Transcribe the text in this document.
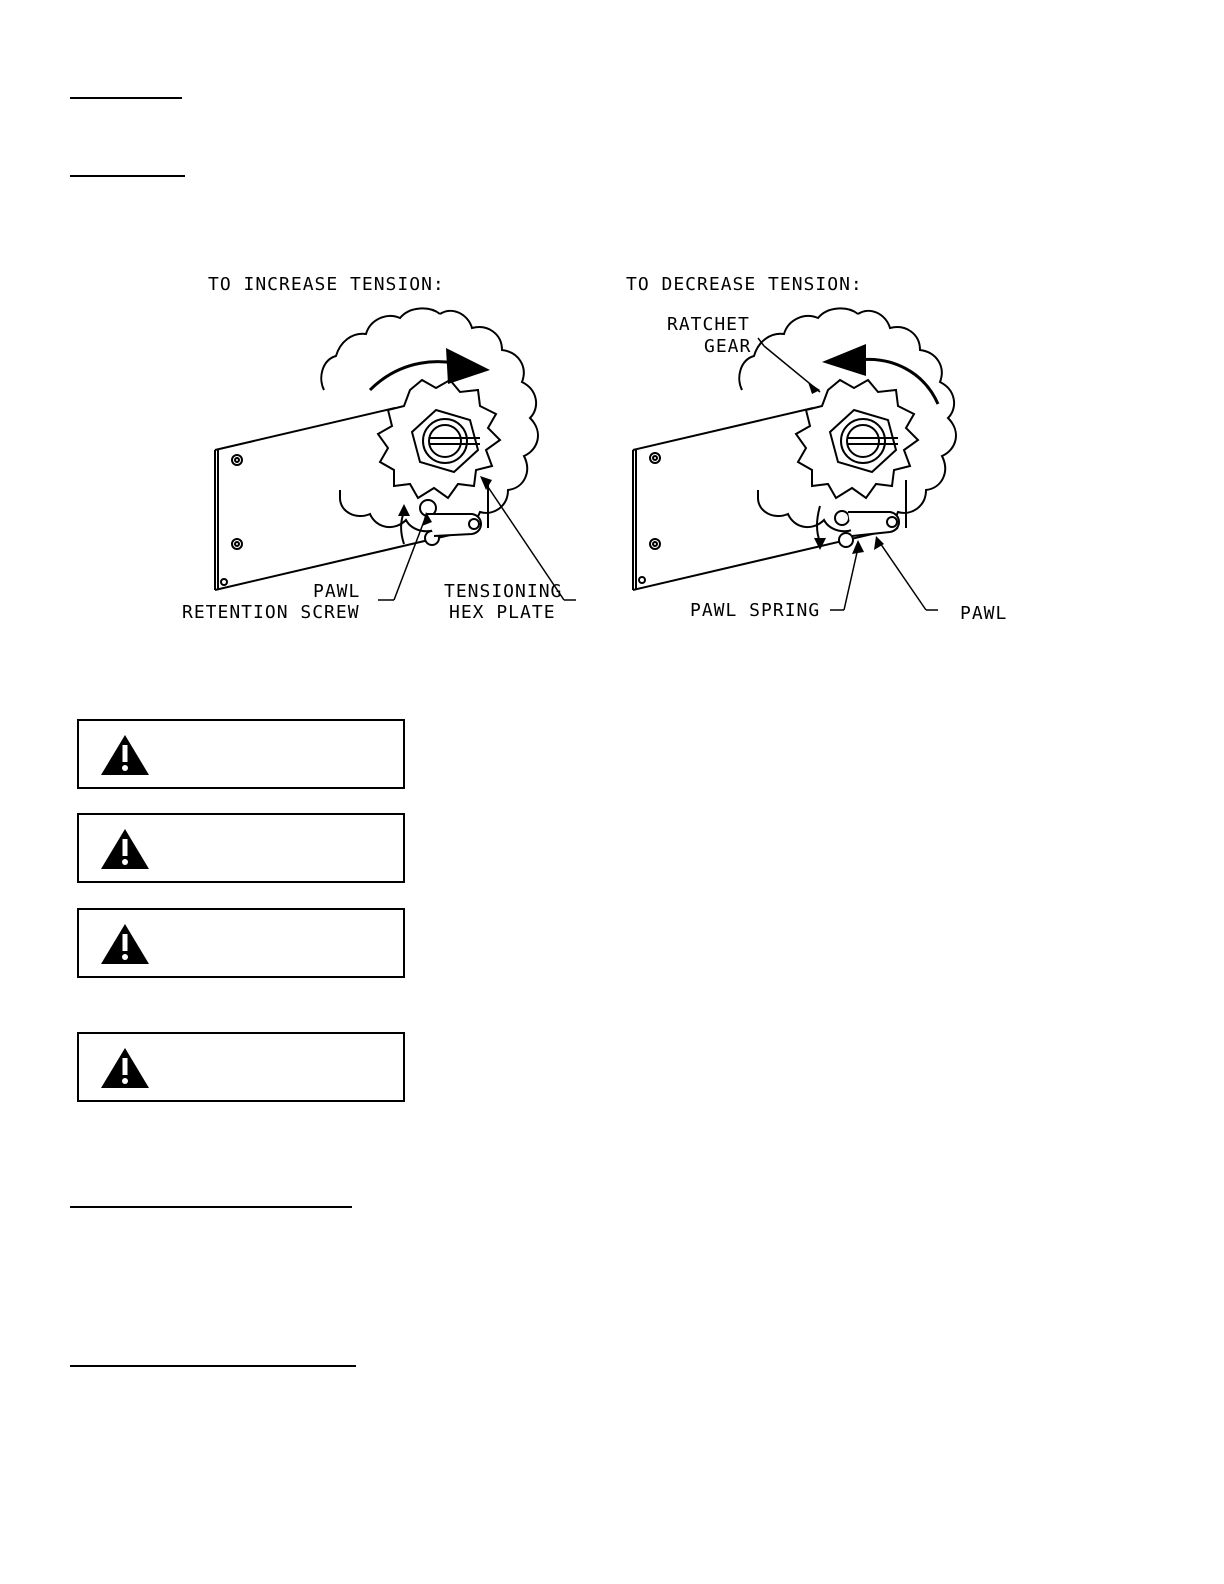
TO INCREASE TENSION:	TO DECREASE TENSION:
PAWL
RETENTION SCREW
TENSIONING
HEX PLATE
RATCHET
GEAR
PAWL SPRING	PAWL
